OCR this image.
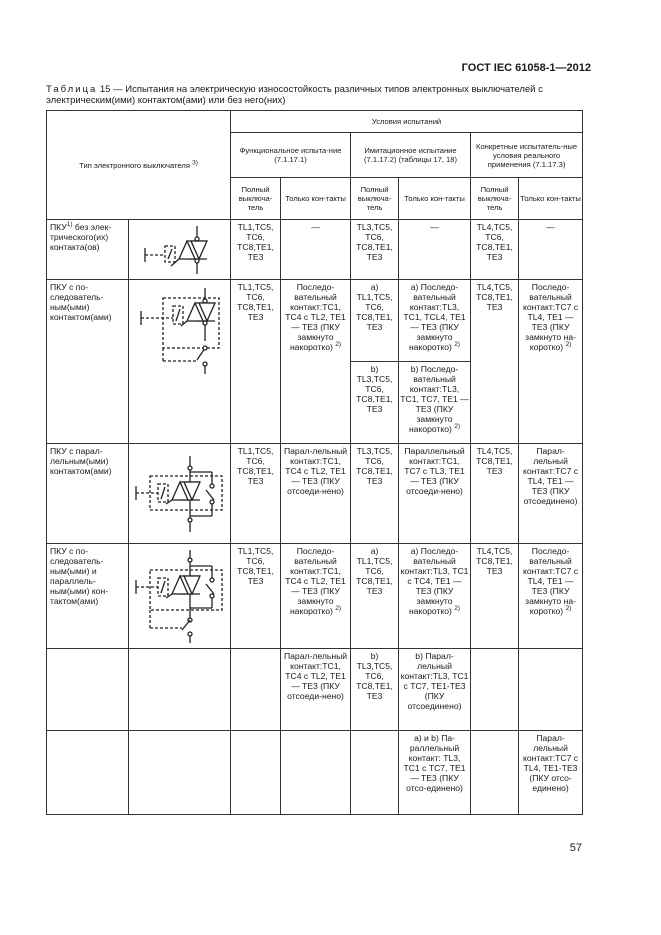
ГОСТ IEC 61058-1—2012
Таблица 15 — Испытания на электрическую износостойкость различных типов электронных выключателей с электрическим(ими) контактом(ами) или без него(них)
Тип электронного выключателя $^{3)}$		Условия испытаний					
		Функциональное испыта-ние (7.1.17.1)		Имитационное испытание (7.1.17.2) (таблицы 17, 18)		Конкретные испытатель-ные условия реального применения (7.1.17.3)	
		Полный выключа-тель	Только кон-такты	Полный выключа-тель	Только кон-такты	Полный выключа-тель	Только кон-такты
ПКУ$^{1)}$ без элек-трического(их) контакта(ов)		TL1,TC5, TC6, TC8,TE1, TE3	—	TL3,TC5, TC6, TC8,TE1, TE3	—	TL4,TC5, TC6, TC8,TE1, TE3	—
ПКУ с по-следователь-ным(ыми) контактом(ами)		TL1,TC5, TC6, TC8,TE1, TE3	Последо-вательный контакт:TC1, TC4 с TL2, TE1 — TE3 (ПКУ замкнуто накоротко) $^{2)}$	а) TL1,TC5, TC6, TC8,TE1, TE3	а) Последо-вательный контакт:TL3, TC1, TCL4, TE1 — TE3 (ПКУ замкнуто накоротко) $^{2)}$	TL4,TC5, TC8,TE1, TE3	Последо-вательный контакт:TC7 с TL4, TE1 — TE3 (ПКУ замкнуто на-коротко) $^{2)}$
				b) TL3,TC5, TC6, TC8,TE1, TE3	b) Последо-вательный контакт:TL3, TC1, TC7, TE1 — TE3 (ПКУ замкнуто накоротко) $^{2)}$
ПКУ с парал-лельным(ыми) контактом(ами)		TL1,TC5, TC6, TC8,TE1, TE3	Парал-лельный контакт:TC1, TC4 с TL2, TE1 — TE3 (ПКУ отсоеди-нено)	TL3,TC5, TC6, TC8,TE1, TE3	Параллельный контакт:TC1, TC7 с TL3, TE1 — TE3 (ПКУ отсоеди-нено)	TL4,TC5, TC8,TE1, TE3	Парал-лельный контакт:TC7 с TL4, TE1 — TE3 (ПКУ отсоединено)
ПКУ с по-следователь-ным(ыми) и параллель-ным(ыми) кон-тактом(ами)		TL1,TC5, TC6, TC8,TE1, TE3	Последо-вательный контакт:TC1, TC4 с TL2, TE1 — TE3 (ПКУ замкнуто накоротко) $^{2)}$	а) TL1,TC5, TC6, TC8,TE1, TE3	а) Последо-вательный контакт:TL3, TC1 с TC4, TE1 — TE3 (ПКУ замкнуто накоротко) $^{2)}$	TL4,TC5, TC8,TE1, TE3	Последо-вательный контакт:TC7 с TL4, TE1 — TE3 (ПКУ замкнуто на-коротко) $^{2)}$
			Парал-лельный контакт:TC1, TC4 с TL2, TE1 — TE3 (ПКУ отсоеди-нено)	b) TL3,TC5, TC6, TC8,TE1, TE3	b) Парал-лельный контакт:TL3, TC1 с TC7, TE1-TE3 (ПКУ отсоединено)		
					а) и b) Па-раллельный контакт: TL3, TC1 с TC7, TE1 — TE3 (ПКУ отсо-единено)		Парал-лельный контакт:TC7 с TL4, TE1-TE3 (ПКУ отсо-единено)
57
